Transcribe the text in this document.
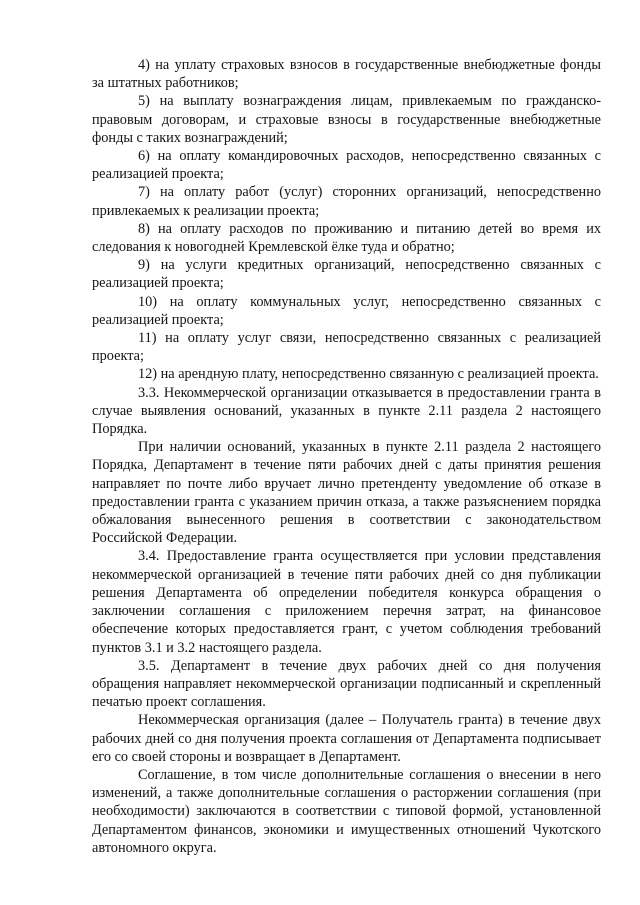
4) на уплату страховых взносов в государственные внебюджетные фонды за штатных работников;

5) на выплату вознаграждения лицам, привлекаемым по гражданско-правовым договорам, и страховые взносы в государственные внебюджетные фонды с таких вознаграждений;

6) на оплату командировочных расходов, непосредственно связанных с реализацией проекта;

7) на оплату работ (услуг) сторонних организаций, непосредственно привлекаемых к реализации проекта;

8) на оплату расходов по проживанию и питанию детей во время их следования к новогодней Кремлевской ёлке туда и обратно;

9) на услуги кредитных организаций, непосредственно связанных с реализацией проекта;

10) на оплату коммунальных услуг, непосредственно связанных с реализацией проекта;

11) на оплату услуг связи, непосредственно связанных с реализацией проекта;

12) на арендную плату, непосредственно связанную с реализацией проекта.

3.3. Некоммерческой организации отказывается в предоставлении гранта в случае выявления оснований, указанных в пункте 2.11 раздела 2 настоящего Порядка.

При наличии оснований, указанных в пункте 2.11 раздела 2 настоящего Порядка, Департамент в течение пяти рабочих дней с даты принятия решения направляет по почте либо вручает лично претенденту уведомление об отказе в предоставлении гранта с указанием причин отказа, а также разъяснением порядка обжалования вынесенного решения в соответствии с законодательством Российской Федерации.

3.4. Предоставление гранта осуществляется при условии представления некоммерческой организацией в течение пяти рабочих дней со дня публикации решения Департамента об определении победителя конкурса обращения о заключении соглашения с приложением перечня затрат, на финансовое обеспечение которых предоставляется грант, с учетом соблюдения требований пунктов 3.1 и 3.2 настоящего раздела.

3.5. Департамент в течение двух рабочих дней со дня получения обращения направляет некоммерческой организации подписанный и скрепленный печатью проект соглашения.

Некоммерческая организация (далее – Получатель гранта) в течение двух рабочих дней со дня получения проекта соглашения от Департамента подписывает его со своей стороны и возвращает в Департамент.

Соглашение, в том числе дополнительные соглашения о внесении в него изменений, а также дополнительные соглашения о расторжении соглашения (при необходимости) заключаются в соответствии с типовой формой, установленной Департаментом финансов, экономики и имущественных отношений Чукотского автономного округа.
